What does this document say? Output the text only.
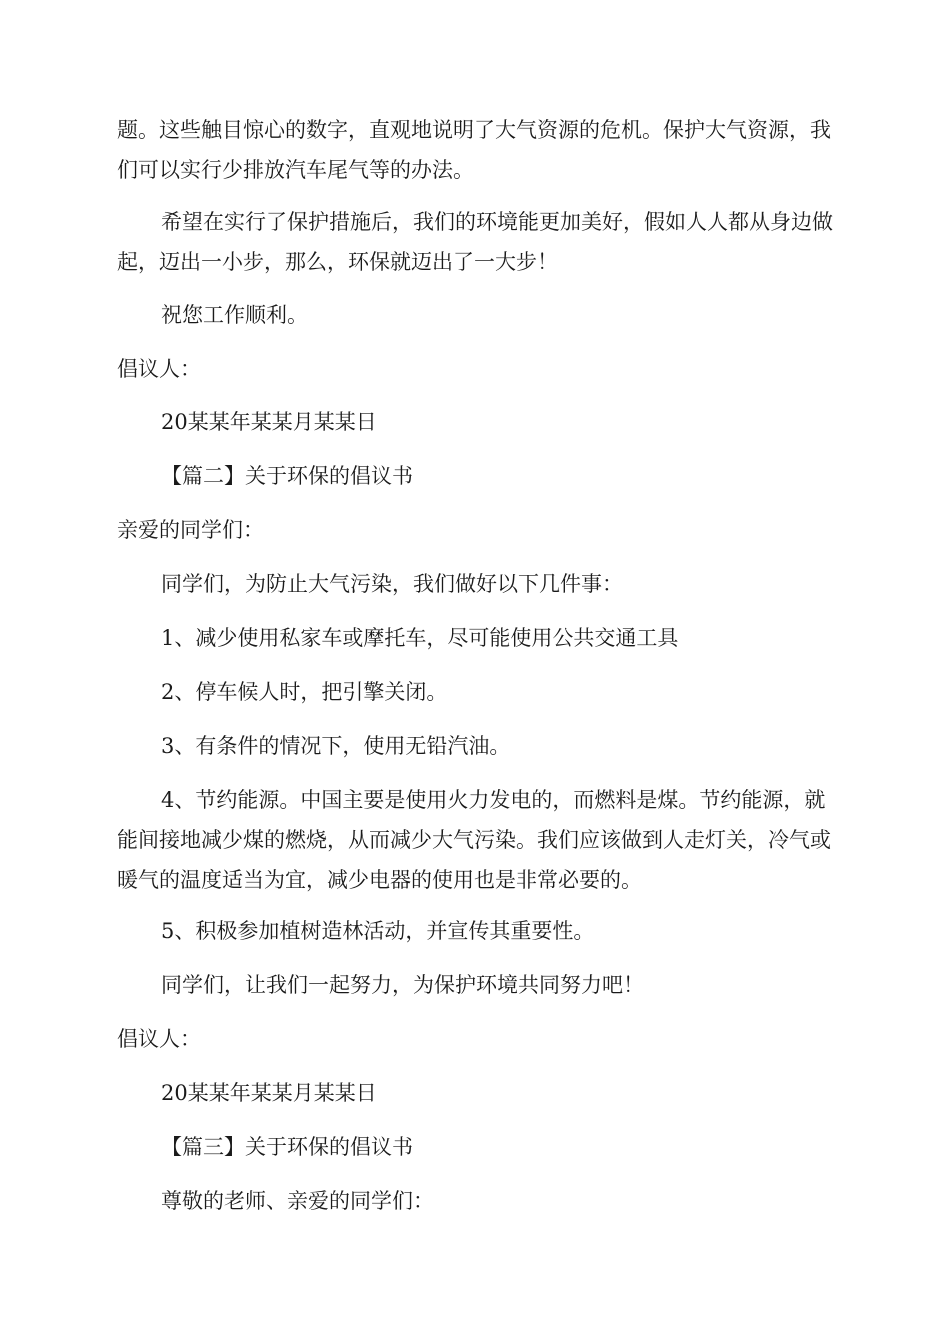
题。这些触目惊心的数字，直观地说明了大气资源的危机。保护大气资源，我们可以实行少排放汽车尾气等的办法。

希望在实行了保护措施后，我们的环境能更加美好，假如人人都从身边做起，迈出一小步，那么，环保就迈出了一大步！

祝您工作顺利。

倡议人：

20某某年某某月某某日

【篇二】关于环保的倡议书

亲爱的同学们：

同学们，为防止大气污染，我们做好以下几件事：

1、减少使用私家车或摩托车，尽可能使用公共交通工具

2、停车候人时，把引擎关闭。

3、有条件的情况下，使用无铅汽油。

4、节约能源。中国主要是使用火力发电的，而燃料是煤。节约能源，就能间接地减少煤的燃烧，从而减少大气污染。我们应该做到人走灯关，冷气或暖气的温度适当为宜，减少电器的使用也是非常必要的。

5、积极参加植树造林活动，并宣传其重要性。

同学们，让我们一起努力，为保护环境共同努力吧！

倡议人：

20某某年某某月某某日

【篇三】关于环保的倡议书

尊敬的老师、亲爱的同学们：
